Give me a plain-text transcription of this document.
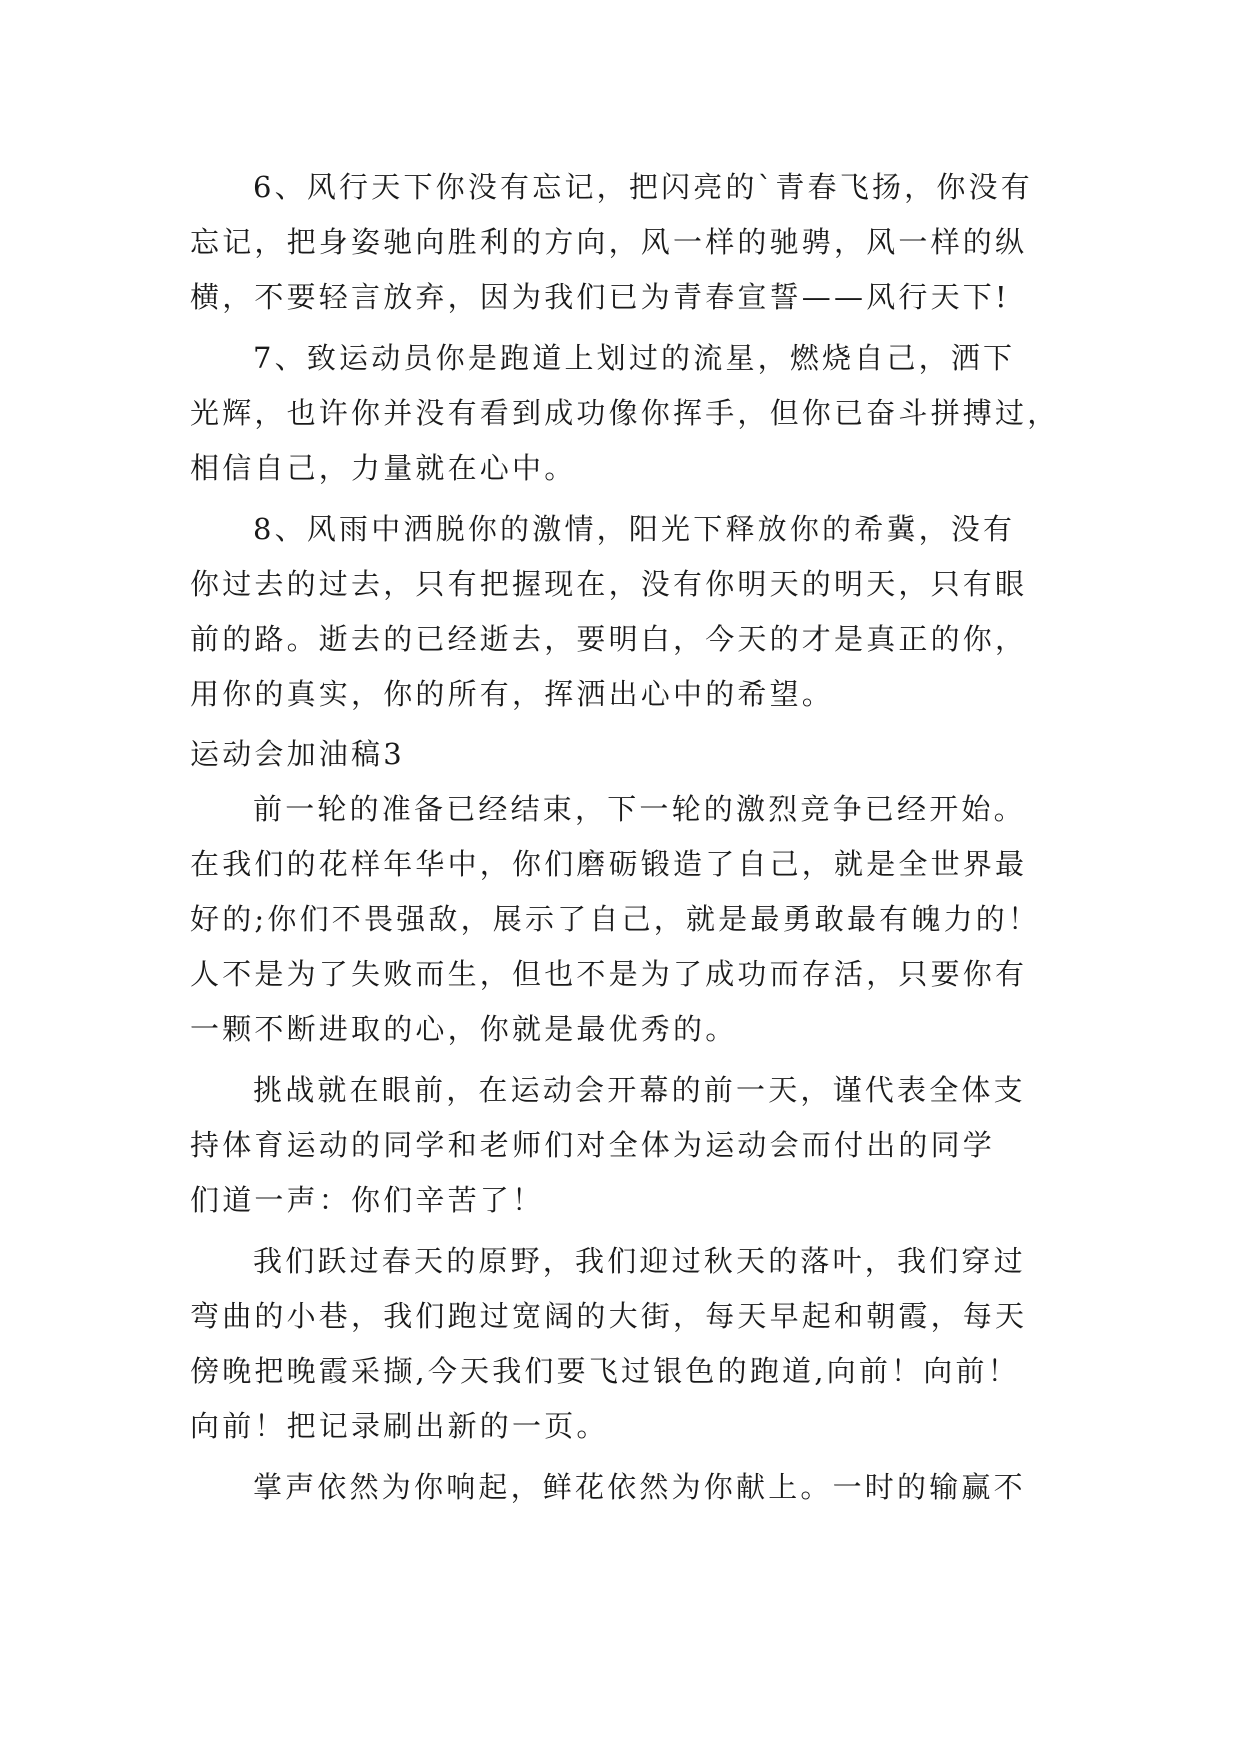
6、风行天下你没有忘记，把闪亮的`青春飞扬，你没有
忘记，把身姿驰向胜利的方向，风一样的驰骋，风一样的纵
横，不要轻言放弃，因为我们已为青春宣誓——风行天下!
7、致运动员你是跑道上划过的流星，燃烧自己，洒下
光辉，也许你并没有看到成功像你挥手，但你已奋斗拼搏过，
相信自己，力量就在心中。
8、风雨中洒脱你的激情，阳光下释放你的希冀，没有
你过去的过去，只有把握现在，没有你明天的明天，只有眼
前的路。逝去的已经逝去，要明白，今天的才是真正的你，
用你的真实，你的所有，挥洒出心中的希望。
运动会加油稿3
前一轮的准备已经结束，下一轮的激烈竞争已经开始。
在我们的花样年华中，你们磨砺锻造了自己，就是全世界最
好的;你们不畏强敌，展示了自己，就是最勇敢最有魄力的！
人不是为了失败而生，但也不是为了成功而存活，只要你有
一颗不断进取的心，你就是最优秀的。
挑战就在眼前，在运动会开幕的前一天，谨代表全体支
持体育运动的同学和老师们对全体为运动会而付出的同学
们道一声：你们辛苦了！
我们跃过春天的原野，我们迎过秋天的落叶，我们穿过
弯曲的小巷，我们跑过宽阔的大街，每天早起和朝霞，每天
傍晚把晚霞采撷,今天我们要飞过银色的跑道,向前！向前！
向前！把记录刷出新的一页。
掌声依然为你响起，鲜花依然为你献上。一时的输赢不
